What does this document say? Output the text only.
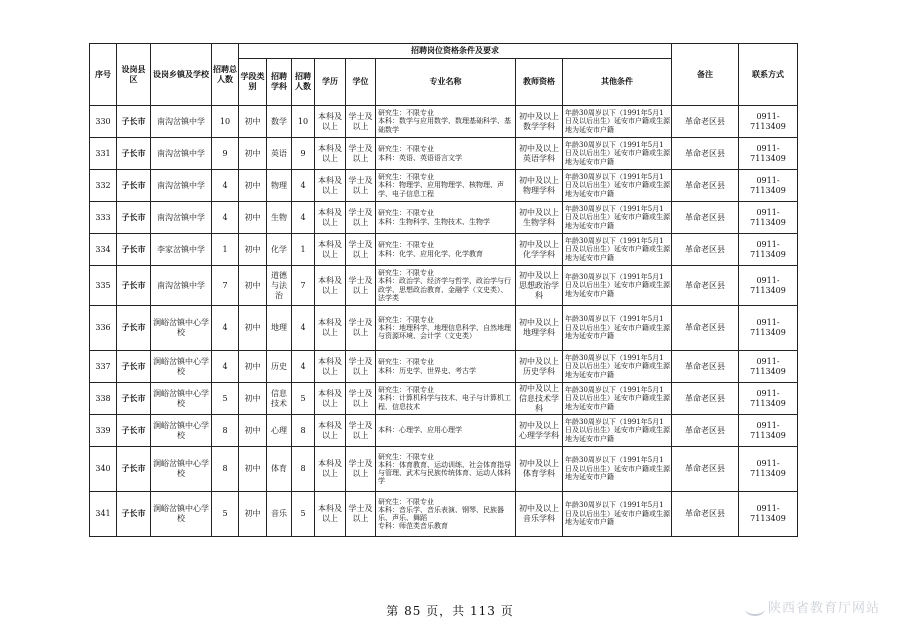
序号	设岗县区	设岗乡镇及学校	招聘总人数	招聘岗位资格条件及要求								备注	联系方式
				学段类别	招聘学科	招聘人数	学历	学位	专业名称	教师资格	其他条件		
330	子长市	南沟岔镇中学	10	初中	数学	10	本科及以上	学士及以上	研究生：不限专业
本科：数学与应用数学、数理基础科学、基础数学	初中及以上数学学科	年龄30周岁以下（1991年5月1日及以后出生）延安市户籍或生源地为延安市户籍	革命老区县	0911-7113409
331	子长市	南沟岔镇中学	9	初中	英语	9	本科及以上	学士及以上	研究生：不限专业
本科：英语、英语语言文学	初中及以上英语学科	年龄30周岁以下（1991年5月1日及以后出生）延安市户籍或生源地为延安市户籍	革命老区县	0911-7113409
332	子长市	南沟岔镇中学	4	初中	物理	4	本科及以上	学士及以上	研究生：不限专业
本科：物理学、应用物理学、核物理、声学、电子信息工程	初中及以上物理学科	年龄30周岁以下（1991年5月1日及以后出生）延安市户籍或生源地为延安市户籍	革命老区县	0911-7113409
333	子长市	南沟岔镇中学	4	初中	生物	4	本科及以上	学士及以上	研究生：不限专业
本科：生物科学、生物技术、生物学	初中及以上生物学科	年龄30周岁以下（1991年5月1日及以后出生）延安市户籍或生源地为延安市户籍	革命老区县	0911-7113409
334	子长市	李家岔镇中学	1	初中	化学	1	本科及以上	学士及以上	研究生：不限专业
本科：化学、应用化学、化学教育	初中及以上化学学科	年龄30周岁以下（1991年5月1日及以后出生）延安市户籍或生源地为延安市户籍	革命老区县	0911-7113409
335	子长市	南沟岔镇中学	7	初中	道德与法治	7	本科及以上	学士及以上	研究生：不限专业
本科：政治学、经济学与哲学、政治学与行政学、思想政治教育、金融学（文史类）、法学类	初中及以上思想政治学科	年龄30周岁以下（1991年5月1日及以后出生）延安市户籍或生源地为延安市户籍	革命老区县	0911-7113409
336	子长市	涧峪岔镇中心学校	4	初中	地理	4	本科及以上	学士及以上	研究生：不限专业
本科：地理科学、地理信息科学、自然地理与资源环境、会计学（文史类）	初中及以上地理学科	年龄30周岁以下（1991年5月1日及以后出生）延安市户籍或生源地为延安市户籍	革命老区县	0911-7113409
337	子长市	涧峪岔镇中心学校	4	初中	历史	4	本科及以上	学士及以上	研究生：不限专业
本科：历史学、世界史、考古学	初中及以上历史学科	年龄30周岁以下（1991年5月1日及以后出生）延安市户籍或生源地为延安市户籍	革命老区县	0911-7113409
338	子长市	涧峪岔镇中心学校	5	初中	信息技术	5	本科及以上	学士及以上	研究生：不限专业
本科：计算机科学与技术、电子与计算机工程、信息技术	初中及以上信息技术学科	年龄30周岁以下（1991年5月1日及以后出生）延安市户籍或生源地为延安市户籍	革命老区县	0911-7113409
339	子长市	涧峪岔镇中心学校	8	初中	心理	8	本科及以上	学士及以上	本科：心理学、应用心理学	初中及以上心理学学科	年龄30周岁以下（1991年5月1日及以后出生）延安市户籍或生源地为延安市户籍	革命老区县	0911-7113409
340	子长市	涧峪岔镇中心学校	8	初中	体育	8	本科及以上	学士及以上	研究生：不限专业
本科：体育教育、运动训练、社会体育指导与管理、武术与民族传统体育、运动人体科学	初中及以上体育学科	年龄30周岁以下（1991年5月1日及以后出生）延安市户籍或生源地为延安市户籍	革命老区县	0911-7113409
341	子长市	涧峪岔镇中心学校	5	初中	音乐	5	本科及以上	学士及以上	研究生：不限专业
本科：音乐学、音乐表演、钢琴、民族器乐、声乐、舞蹈
专科：师范类音乐教育	初中及以上音乐学科	年龄30周岁以下（1991年5月1日及以后出生）延安市户籍或生源地为延安市户籍	革命老区县	0911-7113409
第 85 页，共 113 页	陕西省教育厅网站
